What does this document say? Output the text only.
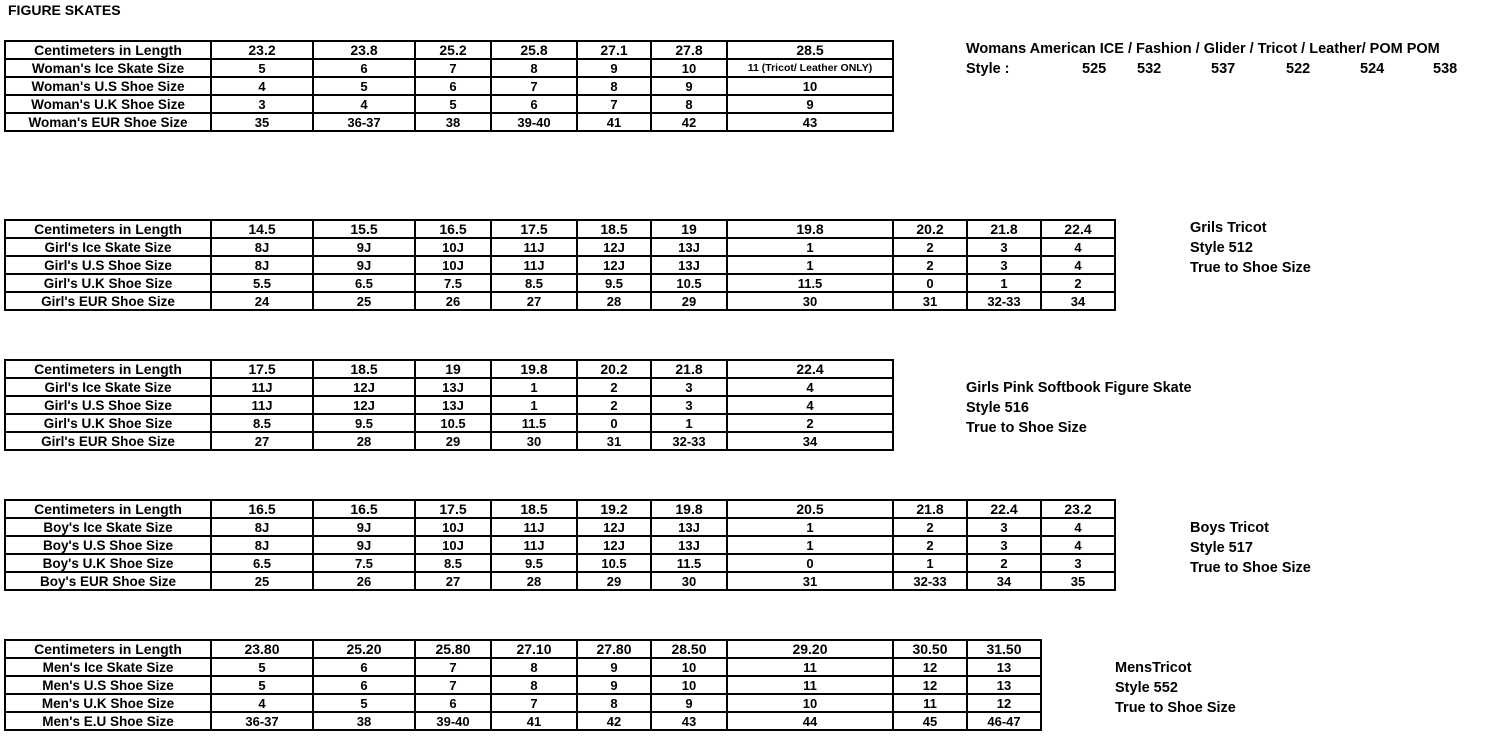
FIGURE SKATES
Centimeters in Length	23.2	23.8	25.2	25.8	27.1	27.8	28.5
Woman's Ice Skate Size	5	6	7	8	9	10	11 (Tricot/ Leather ONLY)
Woman's U.S Shoe Size	4	5	6	7	8	9	10
Woman's U.K Shoe Size	3	4	5	6	7	8	9
Woman's EUR Shoe Size	35	36-37	38	39-40	41	42	43
Womans American ICE / Fashion / Glider / Tricot / Leather/ POM POM
Style :	525 532	537	522	524	538
Centimeters in Length	14.5	15.5	16.5	17.5	18.5	19	19.8	20.2	21.8	22.4
Girl's Ice Skate Size	8J	9J	10J	11J	12J	13J	1	2	3	4
Girl's U.S Shoe Size	8J	9J	10J	11J	12J	13J	1	2	3	4
Girl's U.K Shoe Size	5.5	6.5	7.5	8.5	9.5	10.5	11.5	0	1	2
Girl's EUR Shoe Size	24	25	26	27	28	29	30	31	32-33	34
Grils Tricot
Style 512
True to Shoe Size
Centimeters in Length	17.5	18.5	19	19.8	20.2	21.8	22.4
Girl's Ice Skate Size	11J	12J	13J	1	2	3	4
Girl's U.S Shoe Size	11J	12J	13J	1	2	3	4
Girl's U.K Shoe Size	8.5	9.5	10.5	11.5	0	1	2
Girl's EUR Shoe Size	27	28	29	30	31	32-33	34
Girls Pink Softbook Figure Skate
Style 516
True to Shoe Size
Centimeters in Length	16.5	16.5	17.5	18.5	19.2	19.8	20.5	21.8	22.4	23.2
Boy's Ice Skate Size	8J	9J	10J	11J	12J	13J	1	2	3	4
Boy's U.S Shoe Size	8J	9J	10J	11J	12J	13J	1	2	3	4
Boy's U.K Shoe Size	6.5	7.5	8.5	9.5	10.5	11.5	0	1	2	3
Boy's EUR Shoe Size	25	26	27	28	29	30	31	32-33	34	35
Boys Tricot
Style 517
True to Shoe Size
Centimeters in Length	23.80	25.20	25.80	27.10	27.80	28.50	29.20	30.50	31.50
Men's Ice Skate Size	5	6	7	8	9	10	11	12	13
Men's U.S Shoe Size	5	6	7	8	9	10	11	12	13
Men's U.K Shoe Size	4	5	6	7	8	9	10	11	12
Men's E.U Shoe Size	36-37	38	39-40	41	42	43	44	45	46-47
MensTricot
Style 552
True to Shoe Size
